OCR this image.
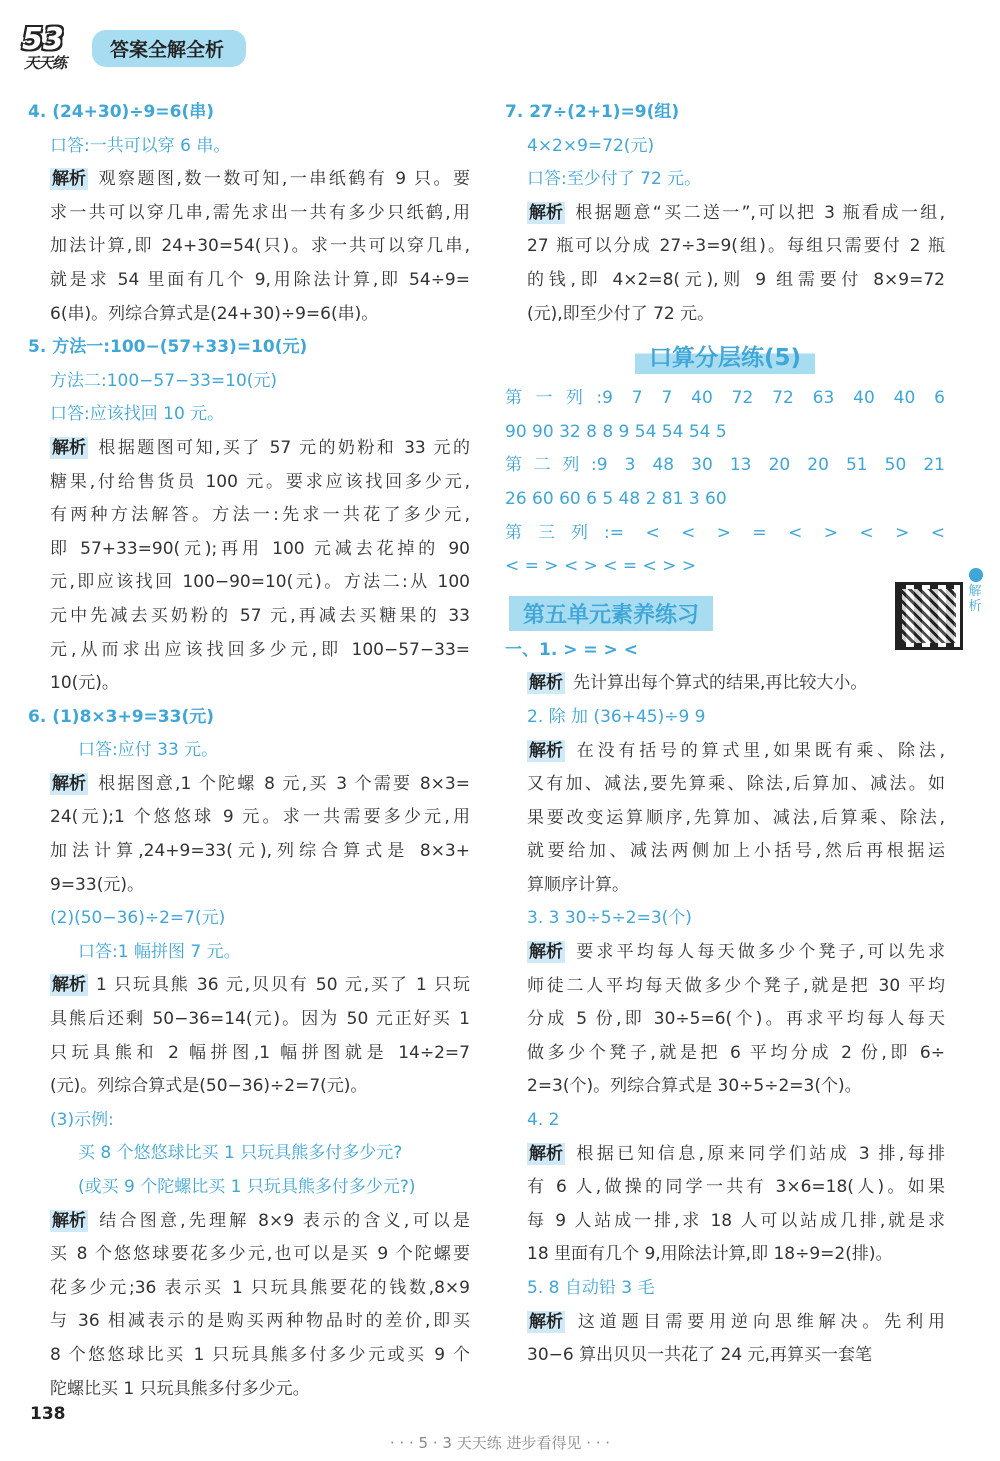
53
天天练
答案全解全析
4. (24+30)÷9=6(串)
口答:一共可以穿 6 串。
解析 观察题图,数一数可知,一串纸鹤有 9 只。要
求一共可以穿几串,需先求出一共有多少只纸鹤,用
加法计算,即 24+30=54(只)。求一共可以穿几串,
就是求 54 里面有几个 9,用除法计算,即 54÷9=
6(串)。列综合算式是(24+30)÷9=6(串)。
5. 方法一:100−(57+33)=10(元)
方法二:100−57−33=10(元)
口答:应该找回 10 元。
解析 根据题图可知,买了 57 元的奶粉和 33 元的
糖果,付给售货员 100 元。要求应该找回多少元,
有两种方法解答。方法一:先求一共花了多少元,
即 57+33=90(元);再用 100 元减去花掉的 90
元,即应该找回 100−90=10(元)。方法二:从 100
元中先减去买奶粉的 57 元,再减去买糖果的 33
元,从而求出应该找回多少元,即 100−57−33=
10(元)。
6. (1)8×3+9=33(元)
口答:应付 33 元。
解析 根据图意,1 个陀螺 8 元,买 3 个需要 8×3=
24(元);1 个悠悠球 9 元。求一共需要多少元,用
加法计算,24+9=33(元),列综合算式是 8×3+
9=33(元)。
(2)(50−36)÷2=7(元)
口答:1 幅拼图 7 元。
解析 1 只玩具熊 36 元,贝贝有 50 元,买了 1 只玩
具熊后还剩 50−36=14(元)。因为 50 元正好买 1
只玩具熊和 2 幅拼图,1 幅拼图就是 14÷2=7
(元)。列综合算式是(50−36)÷2=7(元)。
(3)示例:
买 8 个悠悠球比买 1 只玩具熊多付多少元?
(或买 9 个陀螺比买 1 只玩具熊多付多少元?)
解析 结合图意,先理解 8×9 表示的含义,可以是
买 8 个悠悠球要花多少元,也可以是买 9 个陀螺要
花多少元;36 表示买 1 只玩具熊要花的钱数,8×9
与 36 相减表示的是购买两种物品时的差价,即买
8 个悠悠球比买 1 只玩具熊多付多少元或买 9 个
陀螺比买 1 只玩具熊多付多少元。
7. 27÷(2+1)=9(组)
4×2×9=72(元)
口答:至少付了 72 元。
解析 根据题意“买二送一”,可以把 3 瓶看成一组,
27 瓶可以分成 27÷3=9(组)。每组只需要付 2 瓶
的钱,即 4×2=8(元),则 9 组需要付 8×9=72
(元),即至少付了 72 元。
口算分层练(5)
第一列:9 7 7 40 72 72 63 40 40 6
90 90 32 8 8 9 54 54 54 5
第二列:9 3 48 30 13 20 20 51 50 21
26 60 60 6 5 48 2 81 3 60
第三列:= < < > = < > < > <
< = > < > < = < > >
第五单元素养练习
解析
一、1. > = > <
解析 先计算出每个算式的结果,再比较大小。
2. 除 加 (36+45)÷9 9
解析 在没有括号的算式里,如果既有乘、除法,
又有加、减法,要先算乘、除法,后算加、减法。如
果要改变运算顺序,先算加、减法,后算乘、除法,
就要给加、减法两侧加上小括号,然后再根据运
算顺序计算。
3. 3 30÷5÷2=3(个)
解析 要求平均每人每天做多少个凳子,可以先求
师徒二人平均每天做多少个凳子,就是把 30 平均
分成 5 份,即 30÷5=6(个)。再求平均每人每天
做多少个凳子,就是把 6 平均分成 2 份,即 6÷
2=3(个)。列综合算式是 30÷5÷2=3(个)。
4. 2
解析 根据已知信息,原来同学们站成 3 排,每排
有 6 人,做操的同学一共有 3×6=18(人)。如果
每 9 人站成一排,求 18 人可以站成几排,就是求
18 里面有几个 9,用除法计算,即 18÷9=2(排)。
5. 8 自动铅 3 毛
解析 这道题目需要用逆向思维解决。先利用
30−6 算出贝贝一共花了 24 元,再算买一套笔
138
· · · 5 · 3 天天练 进步看得见 · · ·
